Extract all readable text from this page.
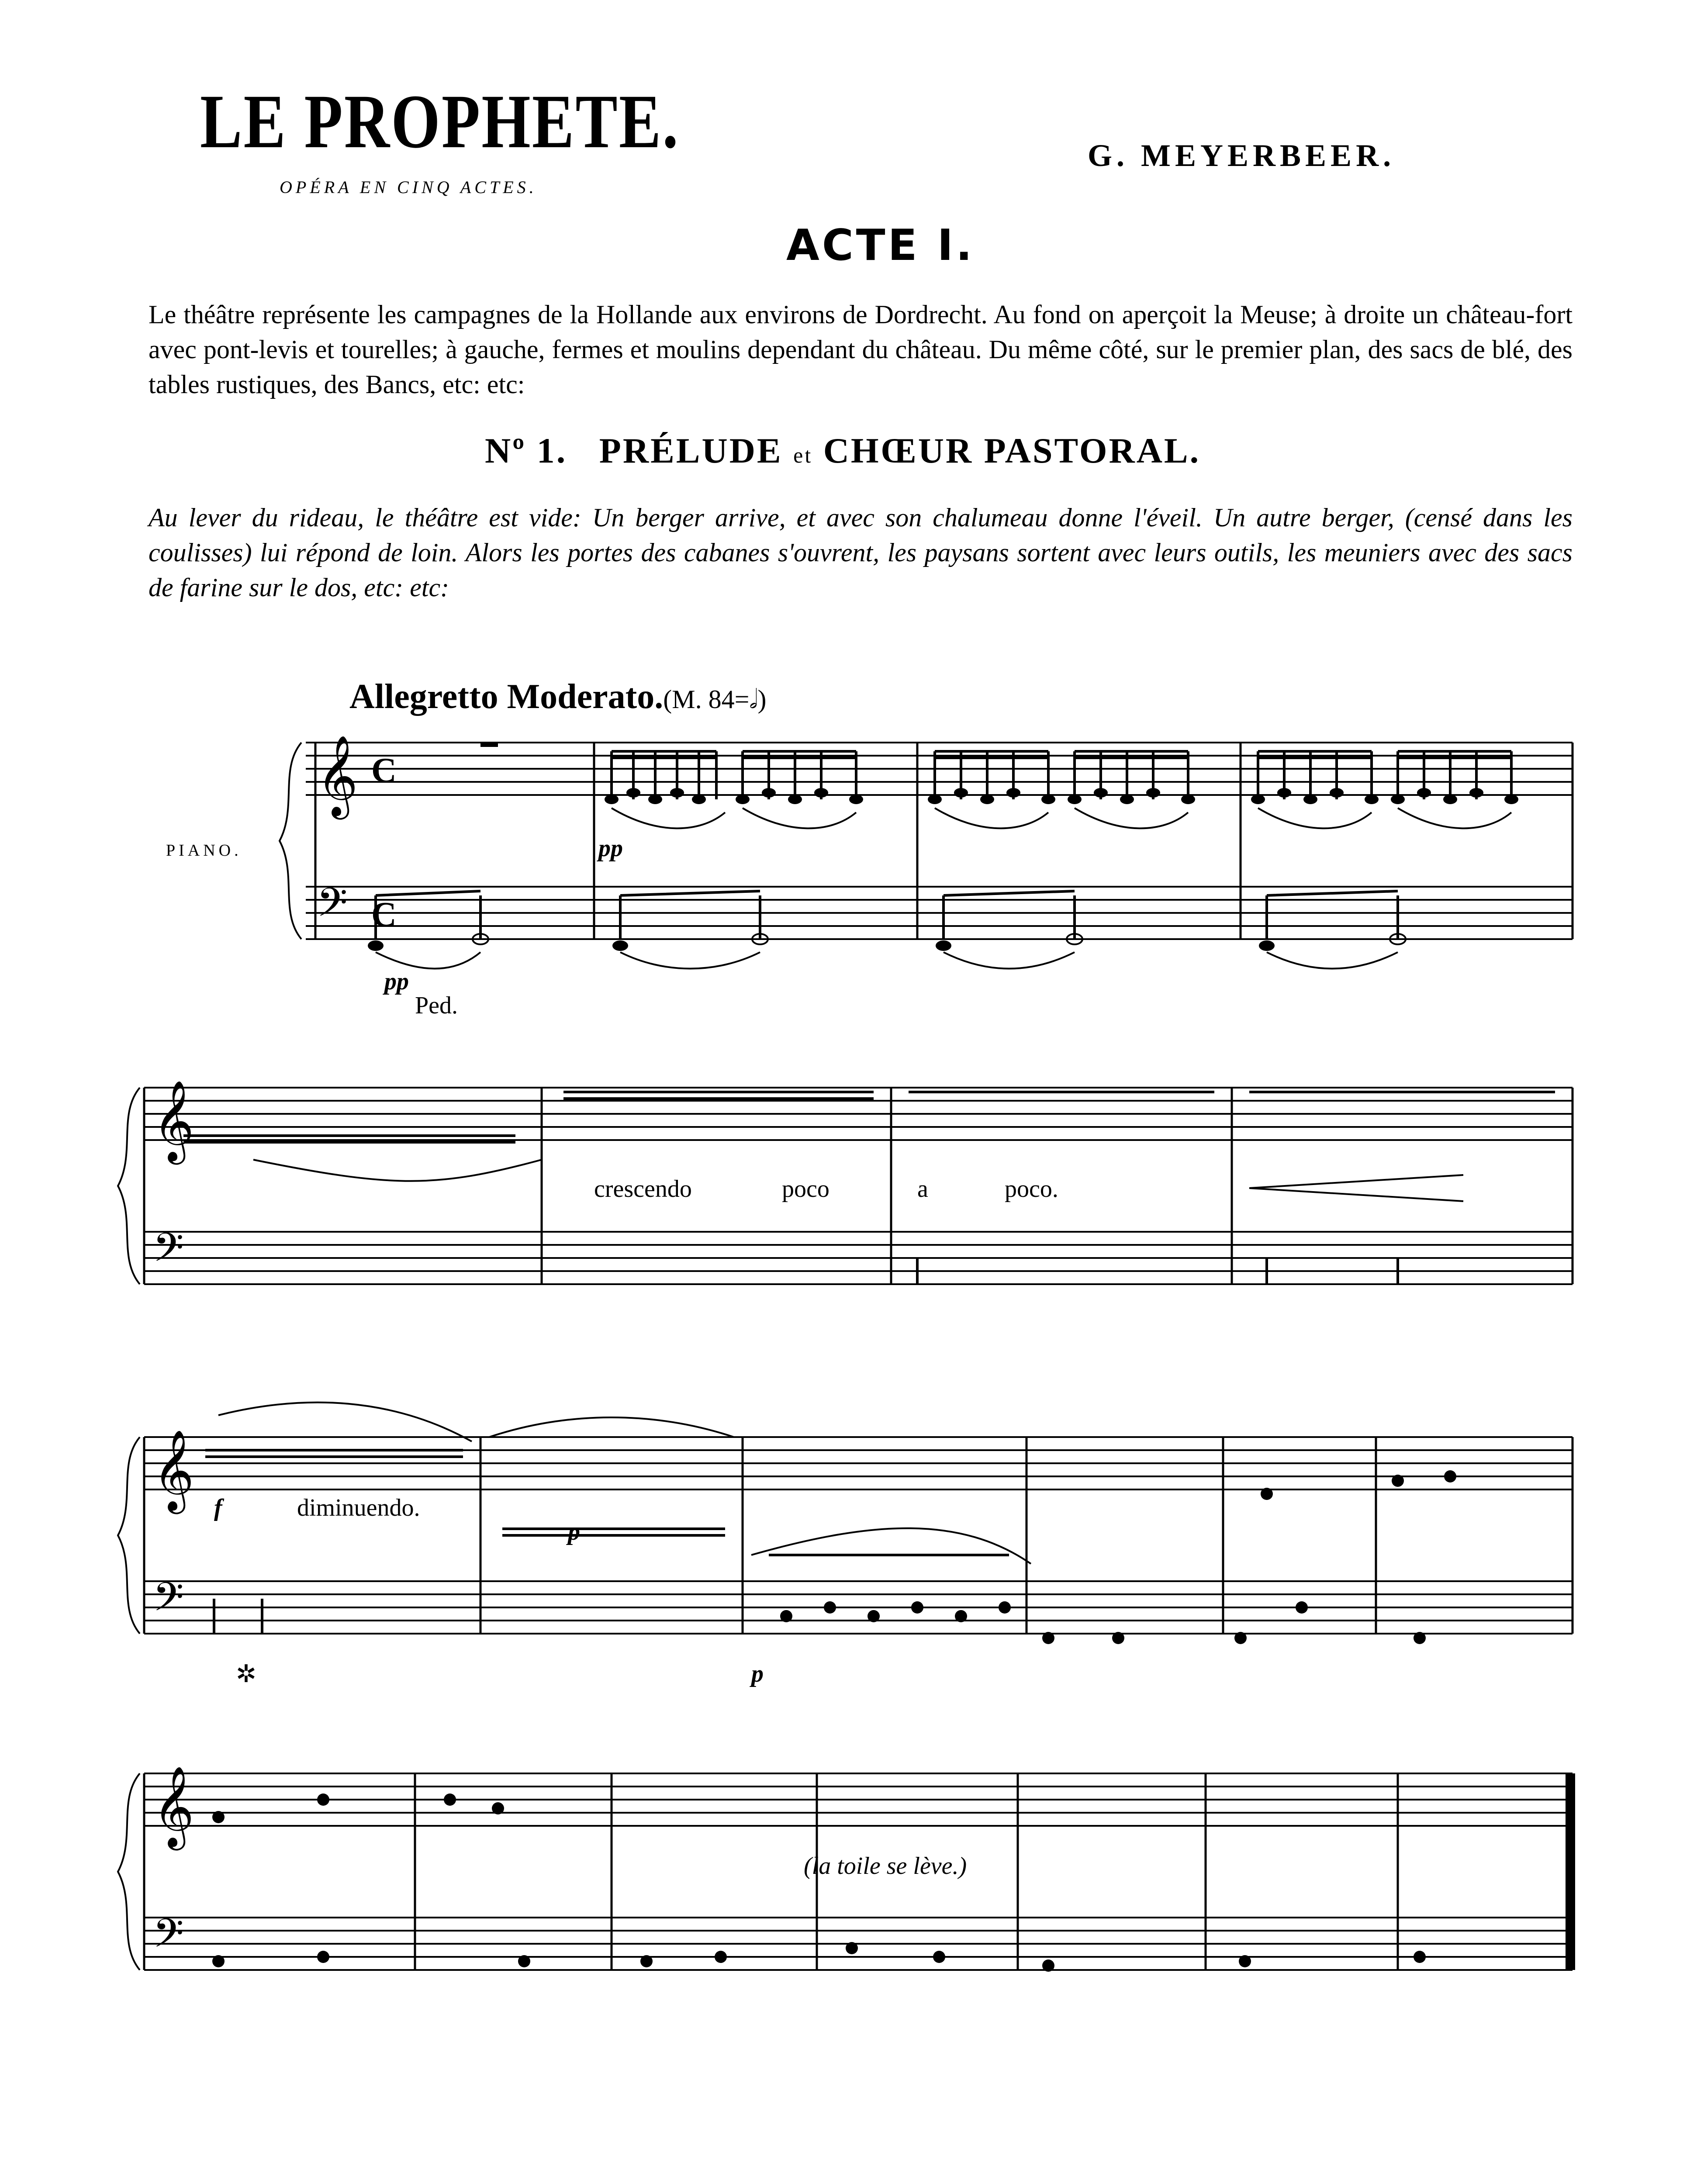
LE PROPHETE.
OPÉRA EN CINQ ACTES.
G. MEYERBEER.
ACTE I.
Le théâtre représente les campagnes de la Hollande aux environs de Dordrecht. Au fond on aperçoit la Meuse; à droite un château-fort avec pont-levis et tourelles; à gauche, fermes et moulins dependant du château. Du même côté, sur le premier plan, des sacs de blé, des tables rustiques, des Bancs, etc: etc:
Nº 1. PRÉLUDE et CHŒUR PASTORAL.
Au lever du rideau, le théâtre est vide: Un berger arrive, et avec son chalumeau donne l'éveil. Un autre berger, (censé dans les coulisses) lui répond de loin. Alors les portes des cabanes s'ouvrent, les paysans sortent avec leurs outils, les meuniers avec des sacs de farine sur le dos, etc: etc:
Allegretto Moderato.(M. 84=𝅗𝅥)
PIANO.
𝄞
𝄢
𝄞
𝄢
𝄞
𝄢
𝄞
𝄢
C
C
pp
pp
Ped.
crescendo	poco	a	poco.
f	diminuendo.
p
p
✲
(la toile se lève.)
